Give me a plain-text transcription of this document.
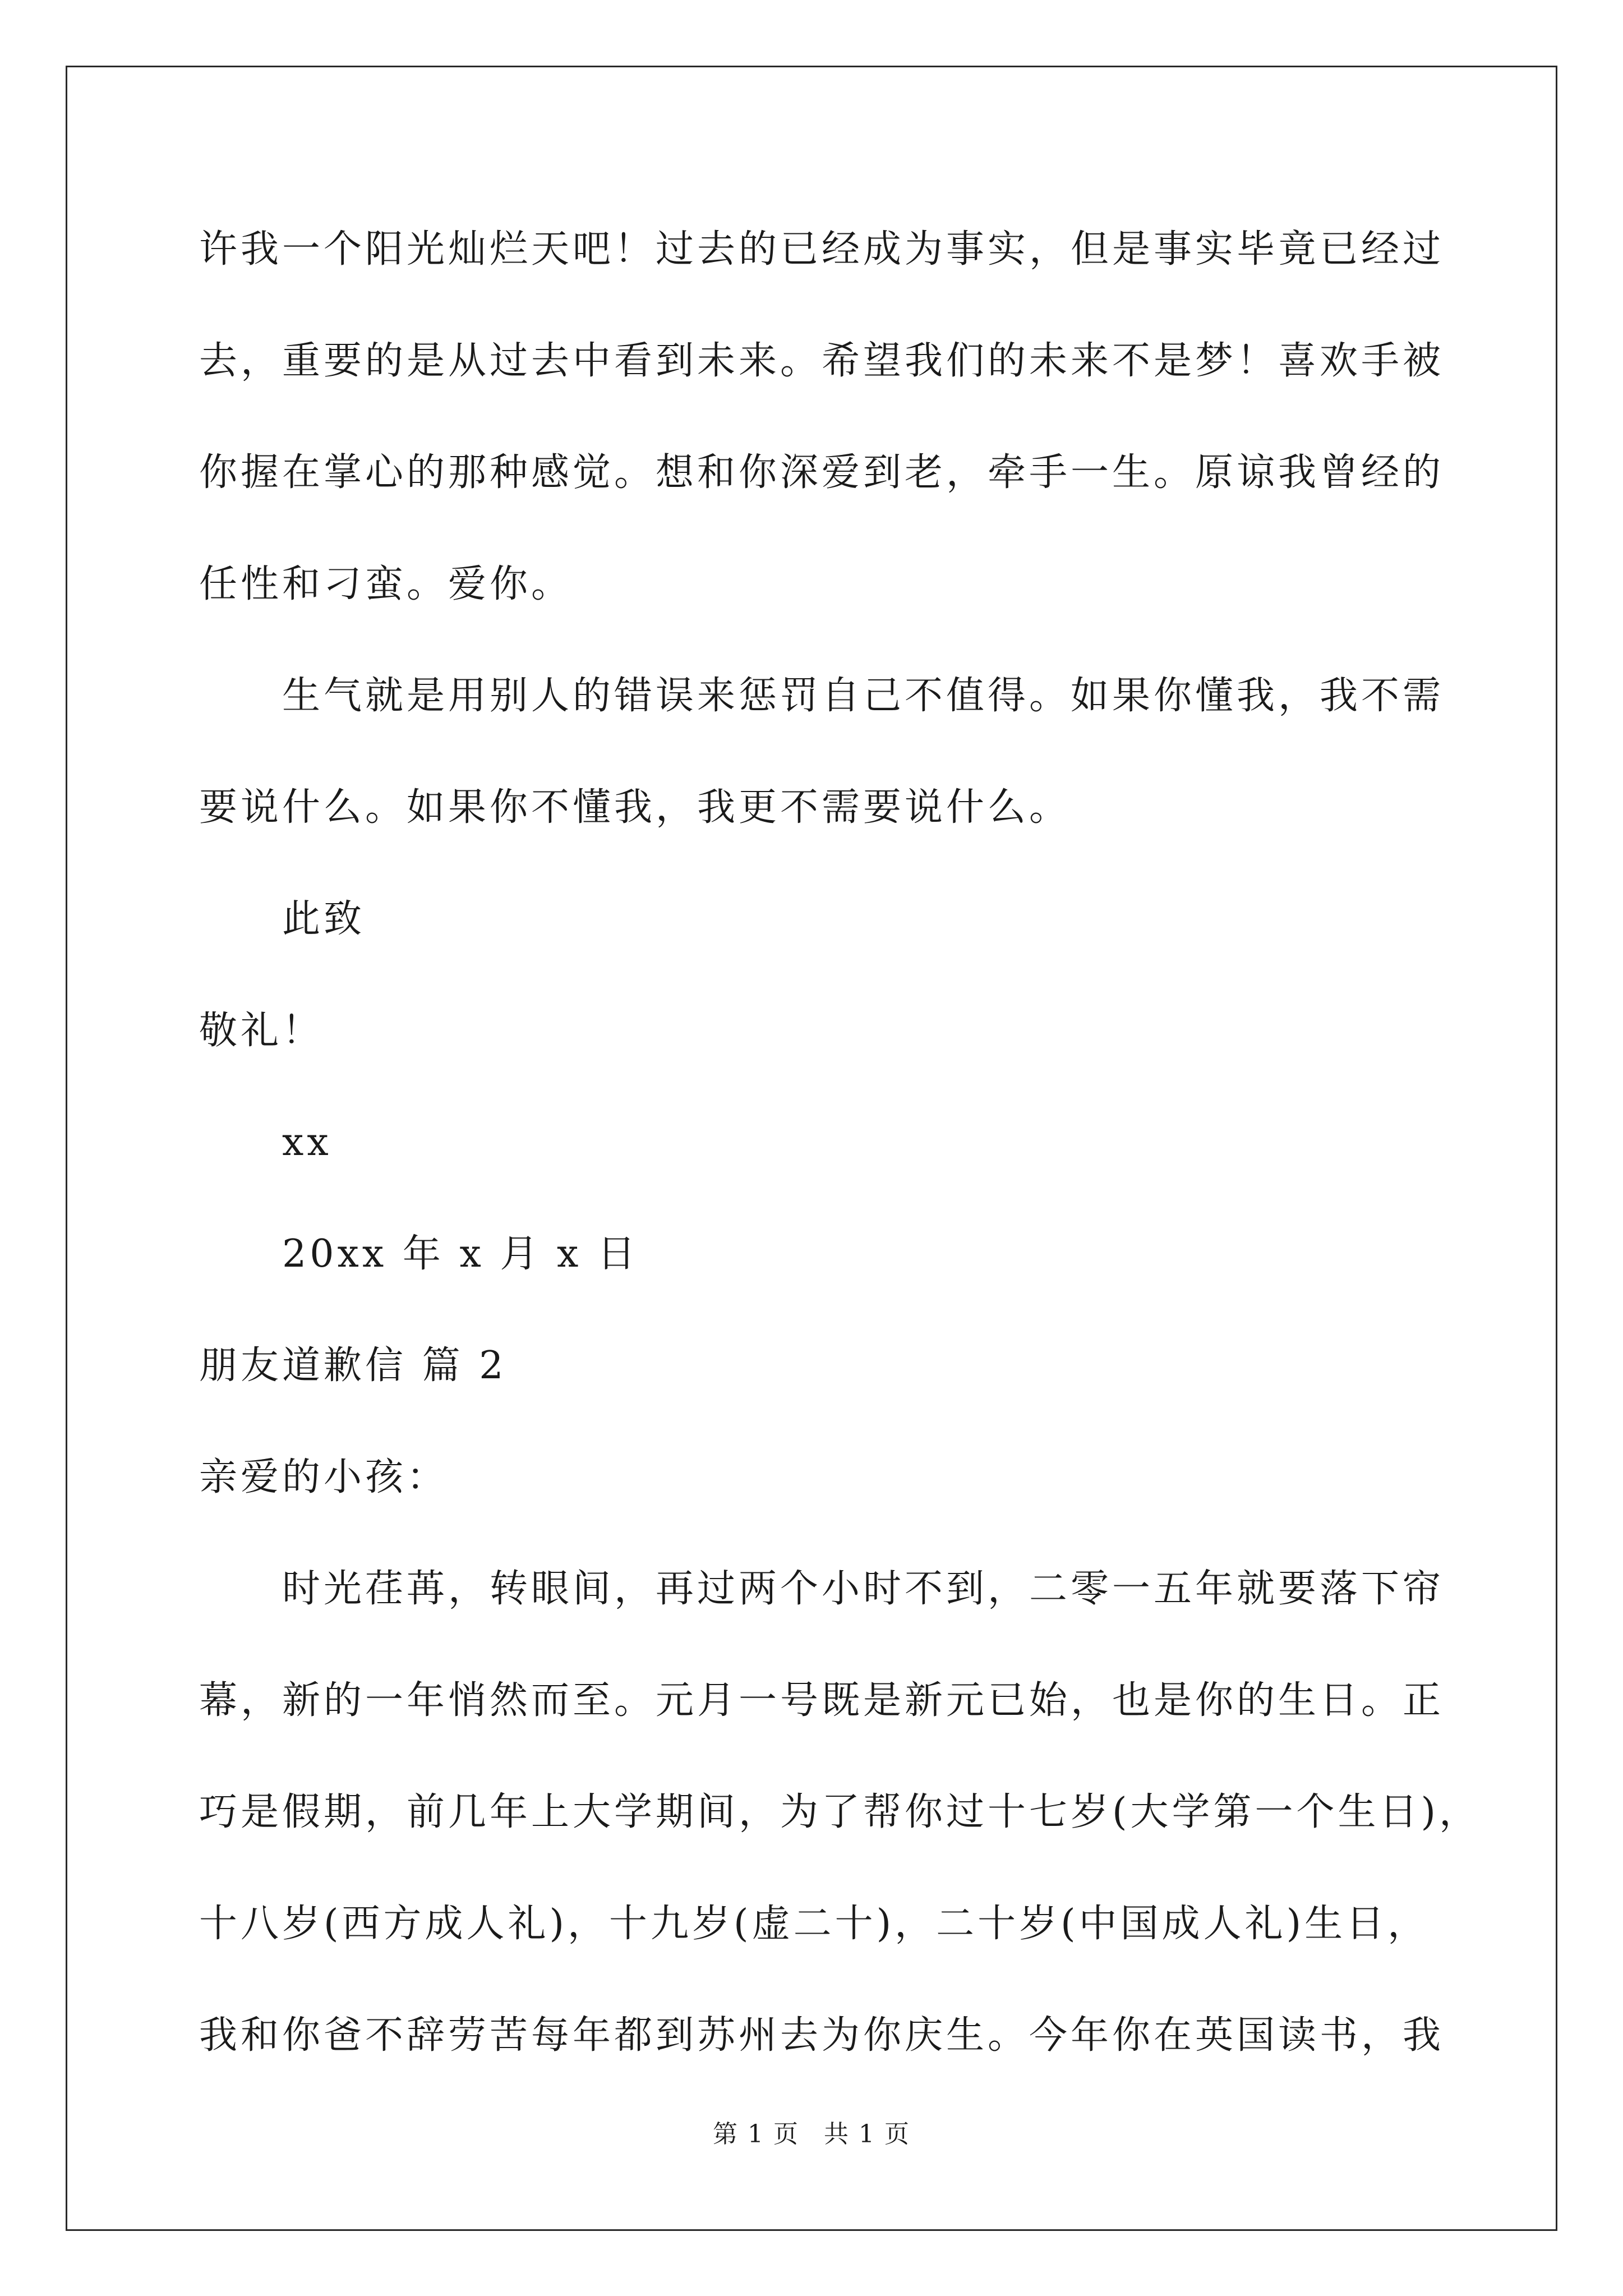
许我一个阳光灿烂天吧！过去的已经成为事实，但是事实毕竟已经过
去，重要的是从过去中看到未来。希望我们的未来不是梦！喜欢手被
你握在掌心的那种感觉。想和你深爱到老，牵手一生。原谅我曾经的
任性和刁蛮。爱你。
生气就是用别人的错误来惩罚自己不值得。如果你懂我，我不需
要说什么。如果你不懂我，我更不需要说什么。
此致
敬礼！
xx
20xx 年 x 月 x 日
朋友道歉信 篇 2
亲爱的小孩：
时光荏苒，转眼间，再过两个小时不到，二零一五年就要落下帘
幕，新的一年悄然而至。元月一号既是新元已始，也是你的生日。正
巧是假期，前几年上大学期间，为了帮你过十七岁(大学第一个生日)，
十八岁(西方成人礼)，十九岁(虚二十)，二十岁(中国成人礼)生日，
我和你爸不辞劳苦每年都到苏州去为你庆生。今年你在英国读书，我
第 1 页 共 1 页
